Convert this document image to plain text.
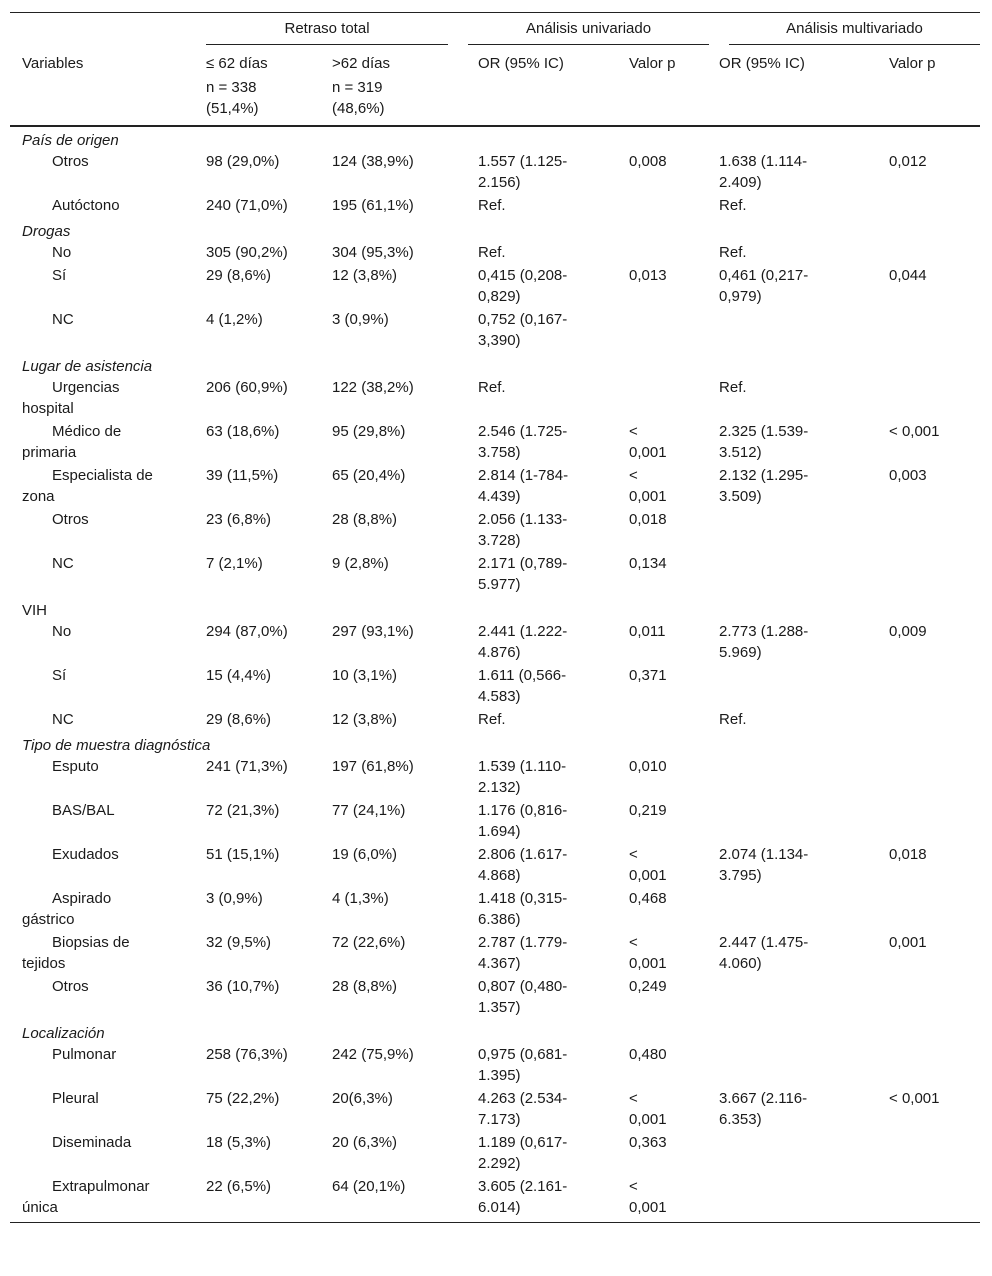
	Retraso total		Análisis univariado		Análisis multivariado	

Variables	≤ 62 días	>62 días	OR (95% IC)	Valor p	OR (95% IC)	Valor p
	n = 338 (51,4%)	n = 319 (48,6%)				
País de origen						
Otros	98 (29,0%)	124 (38,9%)	1.557 (1.125-2.156)	0,008	1.638 (1.114-2.409)	0,012
Autóctono	240 (71,0%)	195 (61,1%)	Ref.		Ref.	
Drogas						
No	305 (90,2%)	304 (95,3%)	Ref.		Ref.	
Sí	29 (8,6%)	12 (3,8%)	0,415 (0,208-0,829)	0,013	0,461 (0,217-0,979)	0,044
NC	4 (1,2%)	3 (0,9%)	0,752 (0,167-3,390)			
Lugar de asistencia						
Urgencias hospital	206 (60,9%)	122 (38,2%)	Ref.		Ref.	
Médico de primaria	63 (18,6%)	95 (29,8%)	2.546 (1.725-3.758)	< 0,001	2.325 (1.539-3.512)	< 0,001
Especialista de zona	39 (11,5%)	65 (20,4%)	2.814 (1-784-4.439)	< 0,001	2.132 (1.295-3.509)	0,003
Otros	23 (6,8%)	28 (8,8%)	2.056 (1.133-3.728)	0,018		
NC	7 (2,1%)	9 (2,8%)	2.171 (0,789-5.977)	0,134		
VIH						
No	294 (87,0%)	297 (93,1%)	2.441 (1.222-4.876)	0,011	2.773 (1.288-5.969)	0,009
Sí	15 (4,4%)	10 (3,1%)	1.611 (0,566-4.583)	0,371		
NC	29 (8,6%)	12 (3,8%)	Ref.		Ref.	
Tipo de muestra diagnóstica						
Esputo	241 (71,3%)	197 (61,8%)	1.539 (1.110-2.132)	0,010		
BAS/BAL	72 (21,3%)	77 (24,1%)	1.176 (0,816-1.694)	0,219		
Exudados	51 (15,1%)	19 (6,0%)	2.806 (1.617-4.868)	< 0,001	2.074 (1.134-3.795)	0,018
Aspirado gástrico	3 (0,9%)	4 (1,3%)	1.418 (0,315-6.386)	0,468		
Biopsias de tejidos	32 (9,5%)	72 (22,6%)	2.787 (1.779-4.367)	< 0,001	2.447 (1.475-4.060)	0,001
Otros	36 (10,7%)	28 (8,8%)	0,807 (0,480-1.357)	0,249		
Localización						
Pulmonar	258 (76,3%)	242 (75,9%)	0,975 (0,681-1.395)	0,480		
Pleural	75 (22,2%)	20(6,3%)	4.263 (2.534-7.173)	< 0,001	3.667 (2.116-6.353)	< 0,001
Diseminada	18 (5,3%)	20 (6,3%)	1.189 (0,617-2.292)	0,363		
Extrapulmonar única	22 (6,5%)	64 (20,1%)	3.605 (2.161-6.014)	< 0,001		
